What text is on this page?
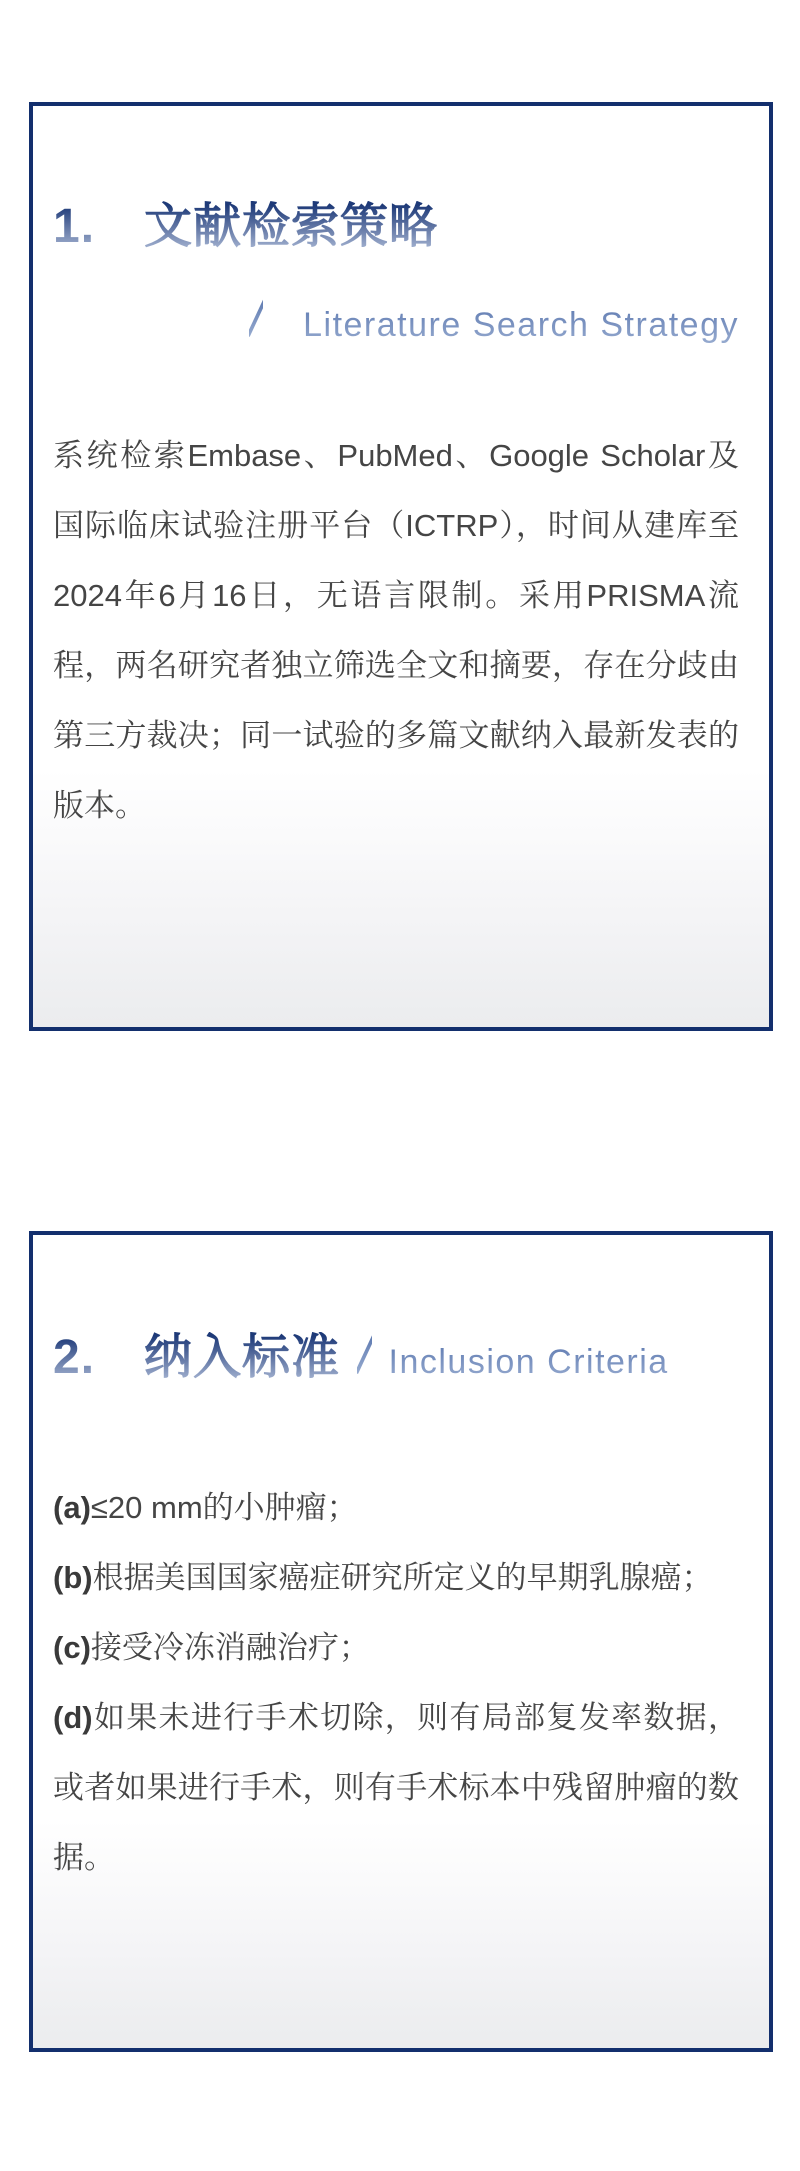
1.　文献检索策略
/ Literature Search Strategy

系统检索Embase、PubMed、Google Scholar及国际临床试验注册平台（ICTRP），时间从建库至2024年6月16日，无语言限制。采用PRISMA流程，两名研究者独立筛选全文和摘要，存在分歧由第三方裁决；同一试验的多篇文献纳入最新发表的版本。

2.　纳入标准 / Inclusion Criteria

(a)≤20 mm的小肿瘤；

(b)根据美国国家癌症研究所定义的早期乳腺癌；

(c)接受冷冻消融治疗；

(d)如果未进行手术切除，则有局部复发率数据，或者如果进行手术，则有手术标本中残留肿瘤的数据。
